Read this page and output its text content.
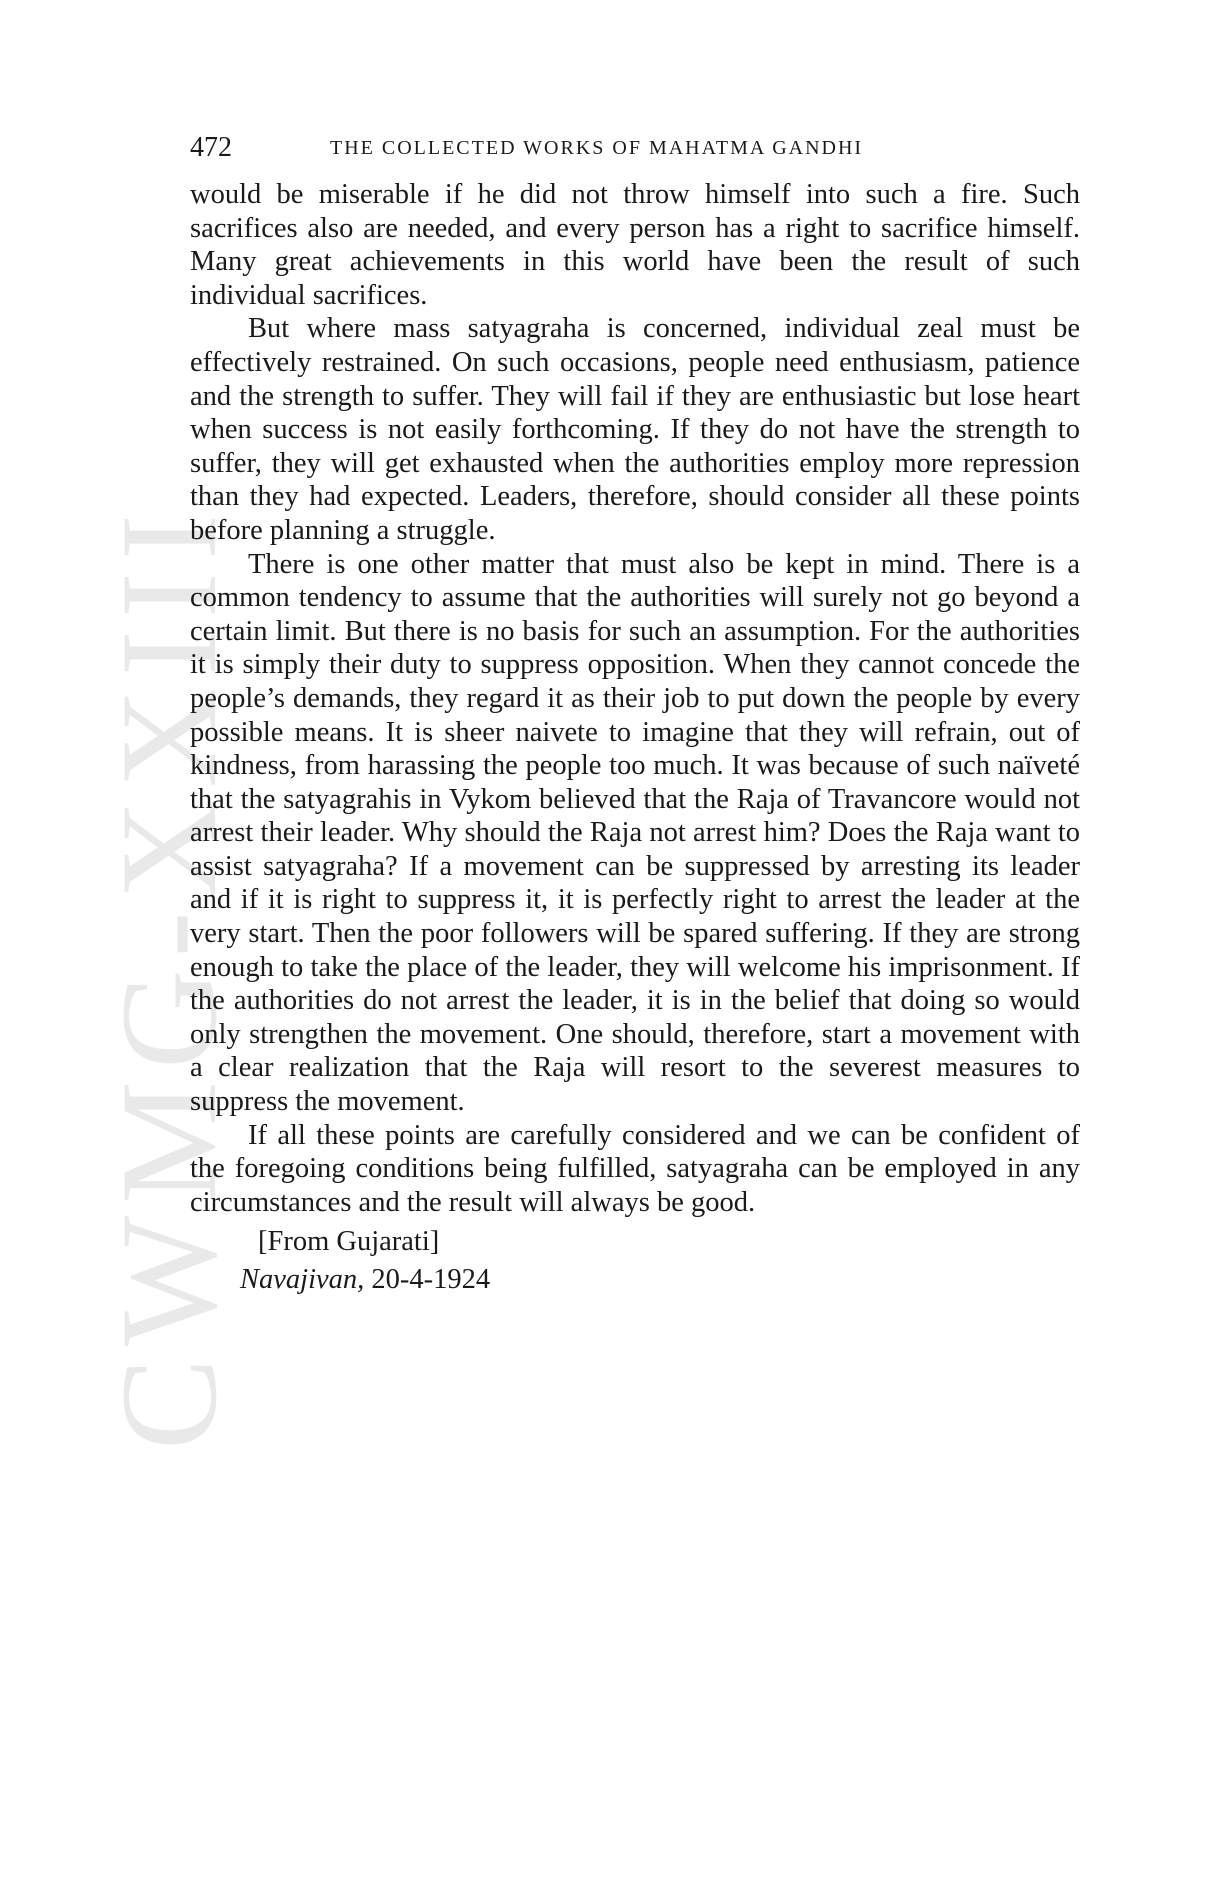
CWMG-XXIII
472	THE COLLECTED WORKS OF MAHATMA GANDHI

would be miserable if he did not throw himself into such a fire. Such sacrifices also are needed, and every person has a right to sacrifice himself. Many great achievements in this world have been the result of such individual sacrifices.

But where mass satyagraha is concerned, individual zeal must be effectively restrained. On such occasions, people need enthusiasm, patience and the strength to suffer. They will fail if they are enthusiastic but lose heart when success is not easily forthcoming. If they do not have the strength to suffer, they will get exhausted when the authorities employ more repression than they had expected. Leaders, therefore, should consider all these points before planning a struggle.

There is one other matter that must also be kept in mind. There is a common tendency to assume that the authorities will surely not go beyond a certain limit. But there is no basis for such an assumption. For the authorities it is simply their duty to suppress opposition. When they cannot concede the people’s demands, they regard it as their job to put down the people by every possible means. It is sheer naivete to imagine that they will refrain, out of kindness, from harassing the people too much. It was because of such naïveté that the satyagrahis in Vykom believed that the Raja of Travancore would not arrest their leader. Why should the Raja not arrest him? Does the Raja want to assist satyagraha? If a movement can be suppressed by arresting its leader and if it is right to suppress it, it is perfectly right to arrest the leader at the very start. Then the poor followers will be spared suffering. If they are strong enough to take the place of the leader, they will welcome his imprisonment. If the authorities do not arrest the leader, it is in the belief that doing so would only strengthen the movement. One should, therefore, start a movement with a clear realization that the Raja will resort to the severest measures to suppress the movement.

If all these points are carefully considered and we can be confident of the foregoing conditions being fulfilled, satyagraha can be employed in any circumstances and the result will always be good.

[From Gujarati]
Navajivan, 20-4-1924
